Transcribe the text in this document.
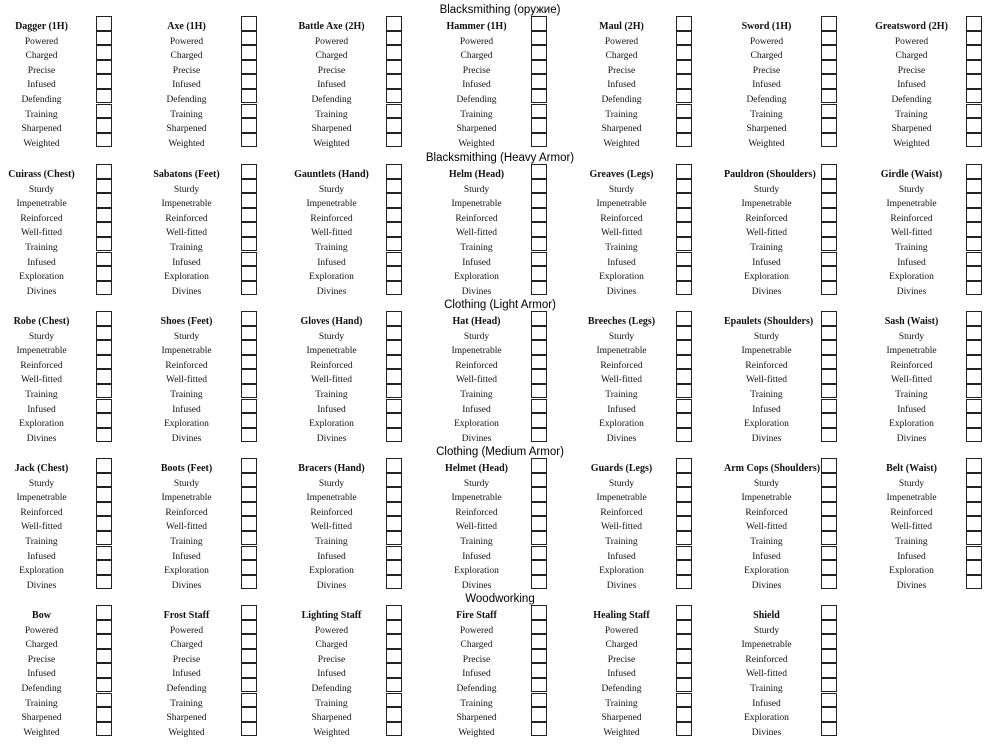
Blacksmithing (оружие)
Dagger (1H)
Powered
Charged
Precise
Infused
Defending
Training
Sharpened
Weighted
Axe (1H)
Powered
Charged
Precise
Infused
Defending
Training
Sharpened
Weighted
Battle Axe (2H)
Powered
Charged
Precise
Infused
Defending
Training
Sharpened
Weighted
Hammer (1H)
Powered
Charged
Precise
Infused
Defending
Training
Sharpened
Weighted
Maul (2H)
Powered
Charged
Precise
Infused
Defending
Training
Sharpened
Weighted
Sword (1H)
Powered
Charged
Precise
Infused
Defending
Training
Sharpened
Weighted
Greatsword (2H)
Powered
Charged
Precise
Infused
Defending
Training
Sharpened
Weighted
Blacksmithing (Heavy Armor)
Cuirass (Chest)
Sturdy
Impenetrable
Reinforced
Well-fitted
Training
Infused
Exploration
Divines
Sabatons (Feet)
Sturdy
Impenetrable
Reinforced
Well-fitted
Training
Infused
Exploration
Divines
Gauntlets (Hand)
Sturdy
Impenetrable
Reinforced
Well-fitted
Training
Infused
Exploration
Divines
Helm (Head)
Sturdy
Impenetrable
Reinforced
Well-fitted
Training
Infused
Exploration
Divines
Greaves (Legs)
Sturdy
Impenetrable
Reinforced
Well-fitted
Training
Infused
Exploration
Divines
Pauldron (Shoulders)
Sturdy
Impenetrable
Reinforced
Well-fitted
Training
Infused
Exploration
Divines
Girdle (Waist)
Sturdy
Impenetrable
Reinforced
Well-fitted
Training
Infused
Exploration
Divines
Clothing (Light Armor)
Robe (Chest)
Sturdy
Impenetrable
Reinforced
Well-fitted
Training
Infused
Exploration
Divines
Shoes (Feet)
Sturdy
Impenetrable
Reinforced
Well-fitted
Training
Infused
Exploration
Divines
Gloves (Hand)
Sturdy
Impenetrable
Reinforced
Well-fitted
Training
Infused
Exploration
Divines
Hat (Head)
Sturdy
Impenetrable
Reinforced
Well-fitted
Training
Infused
Exploration
Divines
Breeches (Legs)
Sturdy
Impenetrable
Reinforced
Well-fitted
Training
Infused
Exploration
Divines
Epaulets (Shoulders)
Sturdy
Impenetrable
Reinforced
Well-fitted
Training
Infused
Exploration
Divines
Sash (Waist)
Sturdy
Impenetrable
Reinforced
Well-fitted
Training
Infused
Exploration
Divines
Clothing (Medium Armor)
Jack (Chest)
Sturdy
Impenetrable
Reinforced
Well-fitted
Training
Infused
Exploration
Divines
Boots (Feet)
Sturdy
Impenetrable
Reinforced
Well-fitted
Training
Infused
Exploration
Divines
Bracers (Hand)
Sturdy
Impenetrable
Reinforced
Well-fitted
Training
Infused
Exploration
Divines
Helmet (Head)
Sturdy
Impenetrable
Reinforced
Well-fitted
Training
Infused
Exploration
Divines
Guards (Legs)
Sturdy
Impenetrable
Reinforced
Well-fitted
Training
Infused
Exploration
Divines
Arm Cops (Shoulders)
Sturdy
Impenetrable
Reinforced
Well-fitted
Training
Infused
Exploration
Divines
Belt (Waist)
Sturdy
Impenetrable
Reinforced
Well-fitted
Training
Infused
Exploration
Divines
Woodworking
Bow
Powered
Charged
Precise
Infused
Defending
Training
Sharpened
Weighted
Frost Staff
Powered
Charged
Precise
Infused
Defending
Training
Sharpened
Weighted
Lighting Staff
Powered
Charged
Precise
Infused
Defending
Training
Sharpened
Weighted
Fire Staff
Powered
Charged
Precise
Infused
Defending
Training
Sharpened
Weighted
Healing Staff
Powered
Charged
Precise
Infused
Defending
Training
Sharpened
Weighted
Shield
Sturdy
Impenetrable
Reinforced
Well-fitted
Training
Infused
Exploration
Divines
